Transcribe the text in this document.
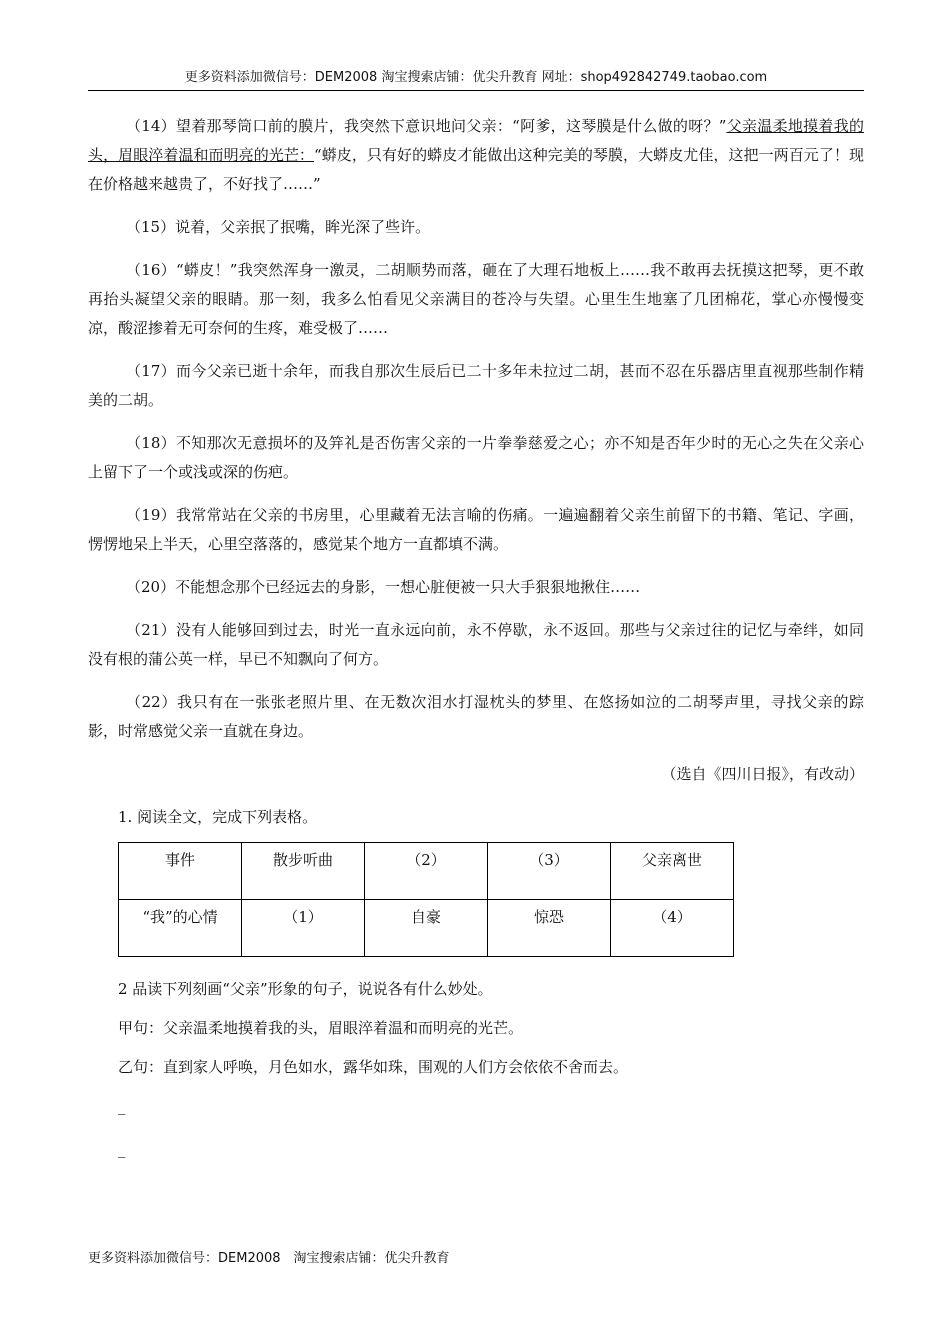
更多资料添加微信号：DEM2008 淘宝搜索店铺：优尖升教育 网址：shop492842749.taobao.com

（14）望着那琴筒口前的膜片，我突然下意识地问父亲：“阿爹，这琴膜是什么做的呀？”父亲温柔地摸着我的头，眉眼淬着温和而明亮的光芒：“蟒皮，只有好的蟒皮才能做出这种完美的琴膜，大蟒皮尤佳，这把一两百元了！现在价格越来越贵了，不好找了……”

（15）说着，父亲抿了抿嘴，眸光深了些许。

（16）“蟒皮！”我突然浑身一激灵，二胡顺势而落，砸在了大理石地板上……我不敢再去抚摸这把琴，更不敢再抬头凝望父亲的眼睛。那一刻，我多么怕看见父亲满目的苍冷与失望。心里生生地塞了几团棉花，掌心亦慢慢变凉，酸涩掺着无可奈何的生疼，难受极了……

（17）而今父亲已逝十余年，而我自那次生辰后已二十多年未拉过二胡，甚而不忍在乐器店里直视那些制作精美的二胡。

（18）不知那次无意损坏的及笄礼是否伤害父亲的一片拳拳慈爱之心；亦不知是否年少时的无心之失在父亲心上留下了一个或浅或深的伤疤。

（19）我常常站在父亲的书房里，心里藏着无法言喻的伤痛。一遍遍翻着父亲生前留下的书籍、笔记、字画，愣愣地呆上半天，心里空落落的，感觉某个地方一直都填不满。

（20）不能想念那个已经远去的身影，一想心脏便被一只大手狠狠地揪住……

（21）没有人能够回到过去，时光一直永远向前，永不停歇，永不返回。那些与父亲过往的记忆与牵绊，如同没有根的蒲公英一样，早已不知飘向了何方。

（22）我只有在一张张老照片里、在无数次泪水打湿枕头的梦里、在悠扬如泣的二胡琴声里，寻找父亲的踪影，时常感觉父亲一直就在身边。

（选自《四川日报》，有改动）
1. 阅读全文，完成下列表格。
事件	散步听曲	（2）	（3）	父亲离世
“我”的心情	（1）	自豪	惊恐	（4）
2 品读下列刻画“父亲”形象的句子，说说各有什么妙处。
甲句：父亲温柔地摸着我的头，眉眼淬着温和而明亮的光芒。
乙句：直到家人呼唤，月色如水，露华如珠，围观的人们方会依依不舍而去。
_
_
更多资料添加微信号：DEM2008　淘宝搜索店铺：优尖升教育
